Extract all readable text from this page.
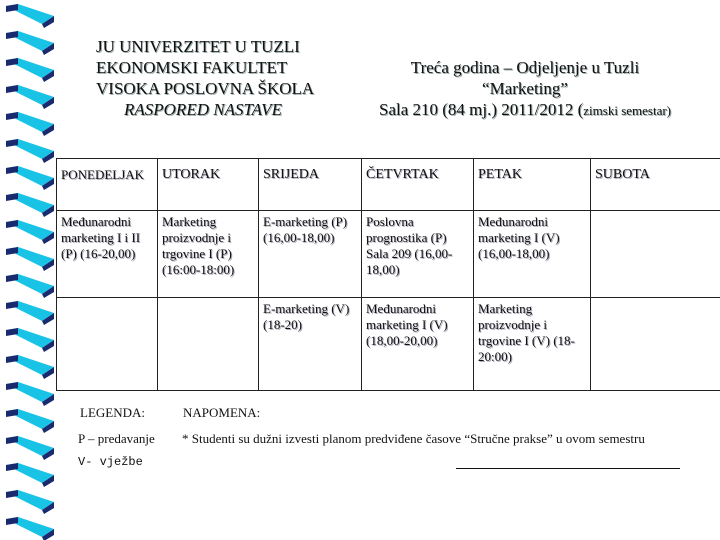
JU UNIVERZITET U TUZLI
EKONOMSKI FAKULTET
VISOKA POSLOVNA ŠKOLA
RASPORED NASTAVE
Treća godina – Odjeljenje u Tuzli
“Marketing”
Sala 210 (84 mj.) 2011/2012 (zimski semestar)
PONEDELJAK	UTORAK	SRIJEDA	ČETVRTAK	PETAK	SUBOTA
Međunarodni marketing I i II (P) (16-20,00)	Marketing proizvodnje i trgovine I (P) (16:00-18:00)	E-marketing (P) (16,00-18,00)	Poslovna prognostika (P) Sala 209 (16,00-18,00)	Međunarodni marketing I (V) (16,00-18,00)	
		E-marketing (V) (18-20)	Međunarodni marketing I (V) (18,00-20,00)	Marketing proizvodnje i trgovine I (V) (18-20:00)	
LEGENDA:
P – predavanje
V- vježbe
NAPOMENA:
* Studenti su dužni izvesti planom predviđene časove “Stručne prakse” u ovom semestru
